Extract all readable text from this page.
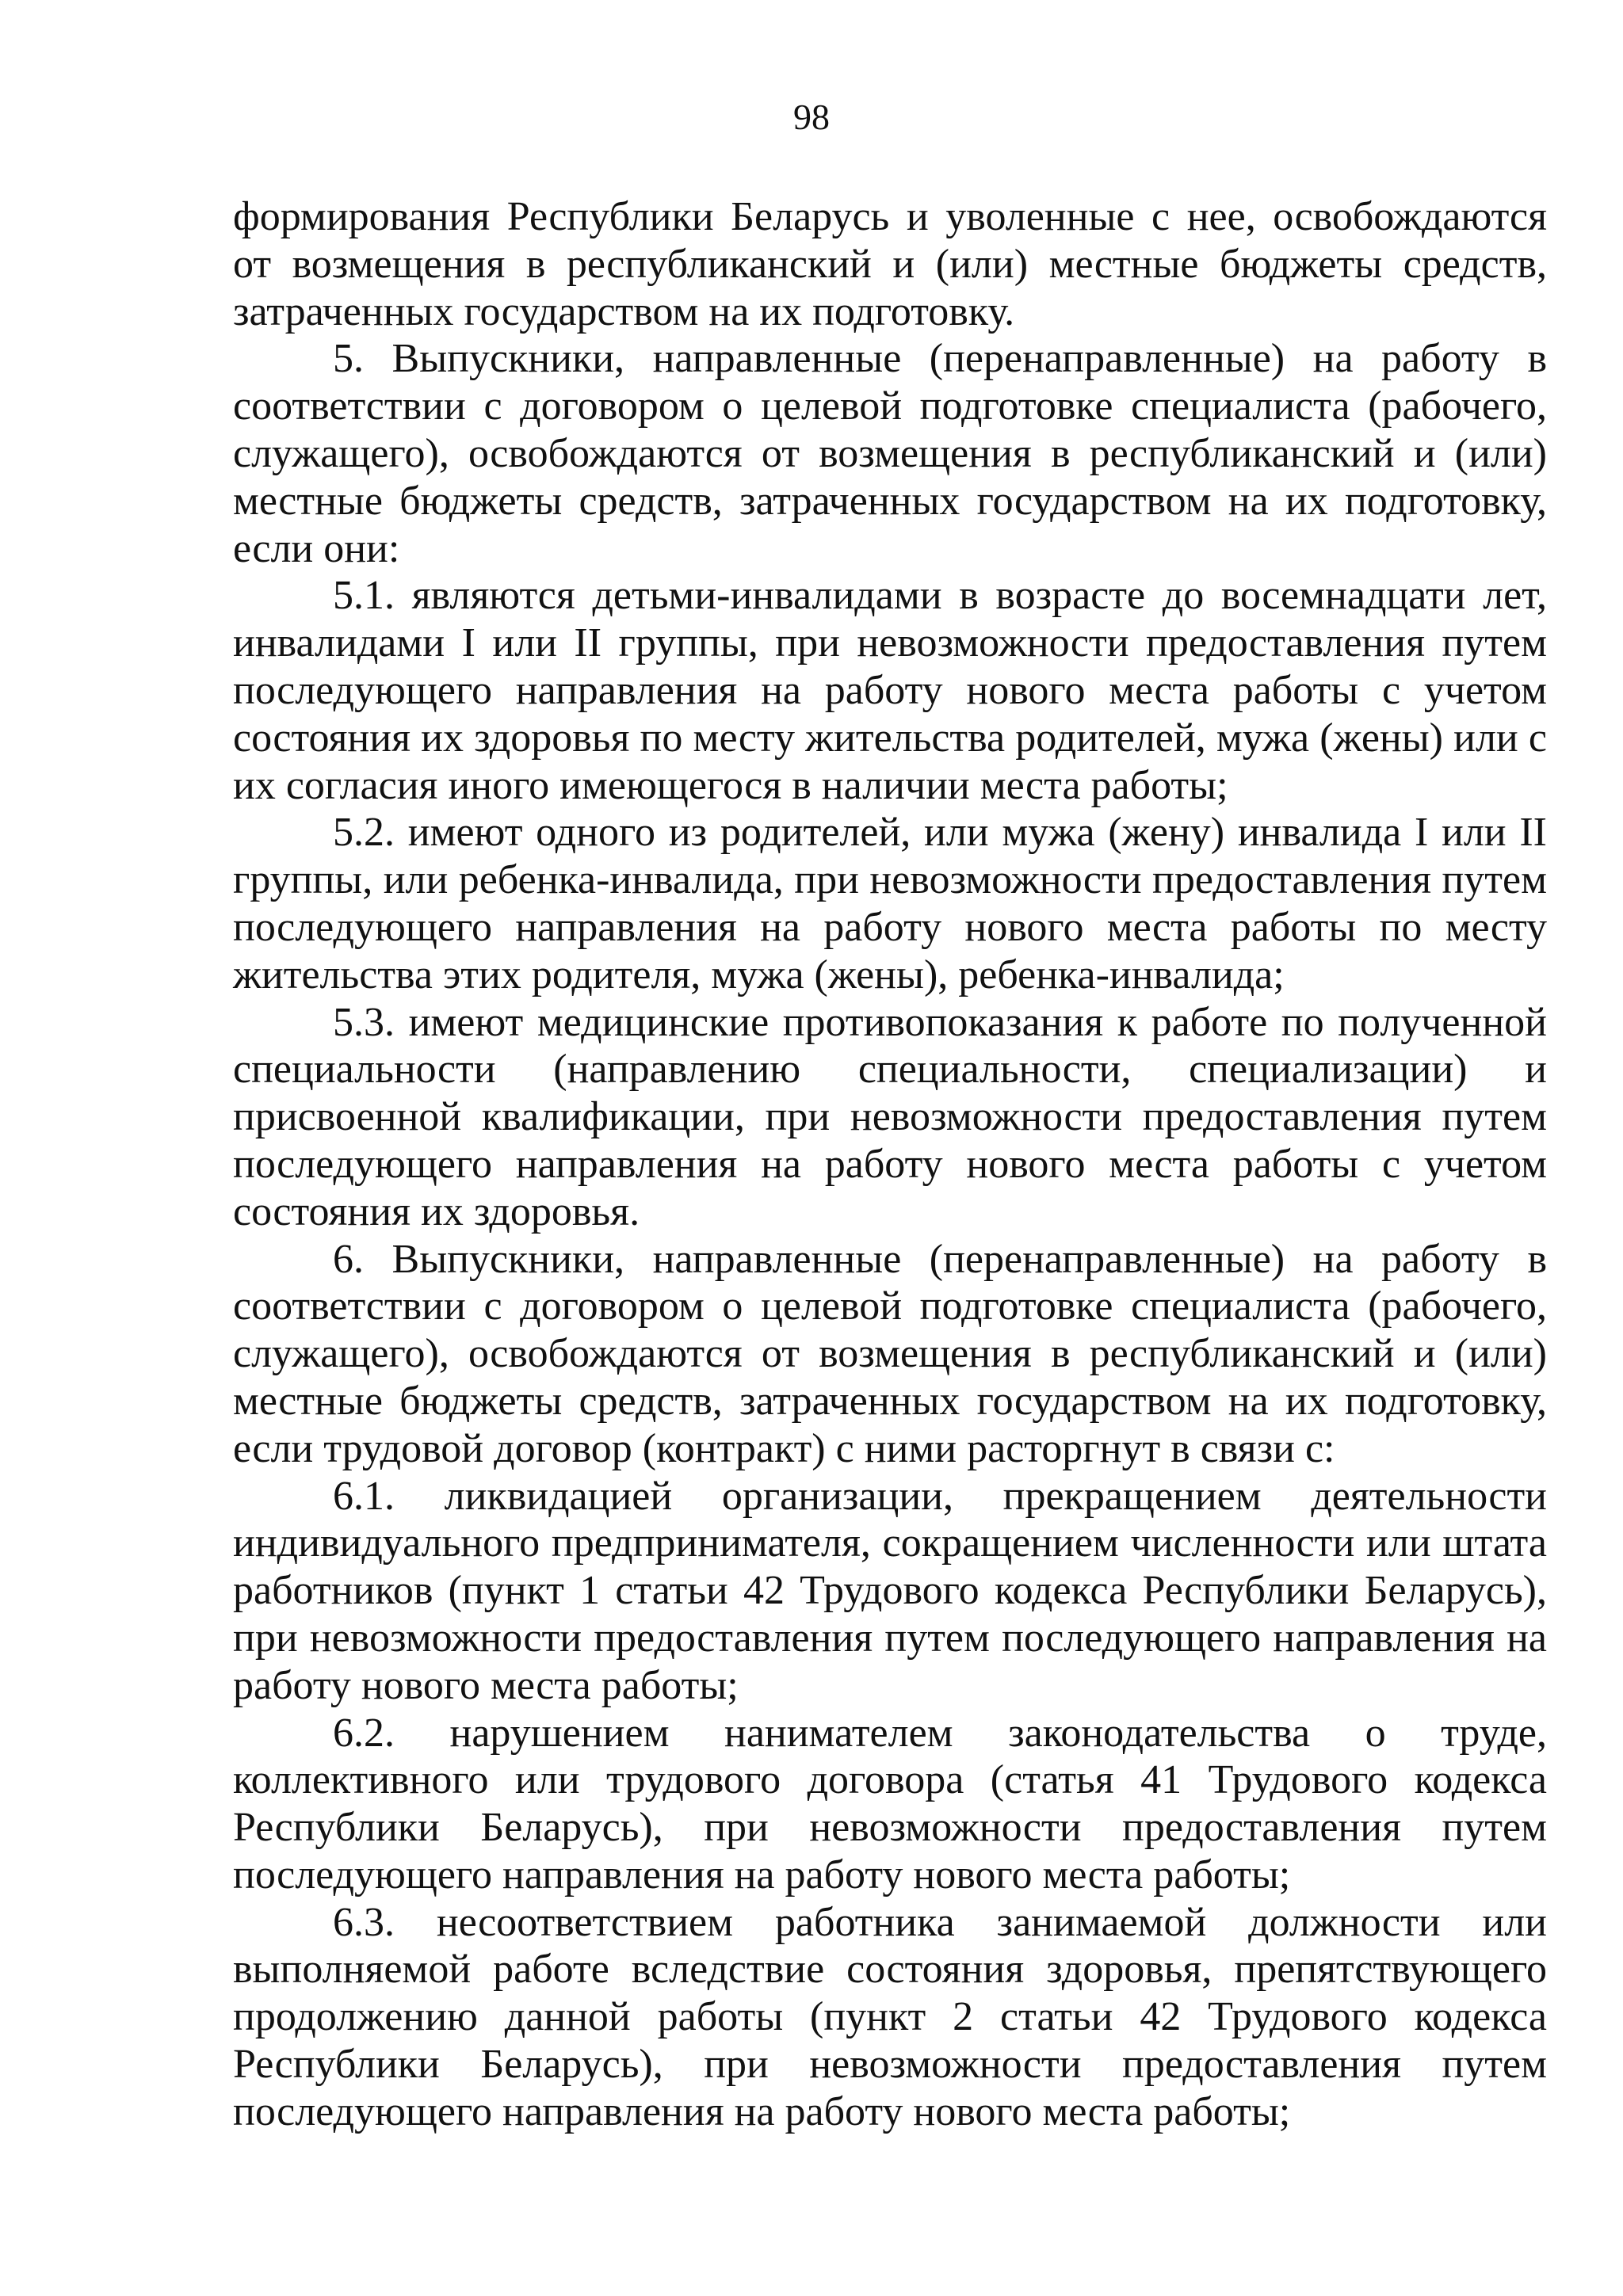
98

формирования Республики Беларусь и уволенные с нее, освобождаются от возмещения в республиканский и (или) местные бюджеты средств, затраченных государством на их подготовку.

5. Выпускники, направленные (перенаправленные) на работу в соответствии с договором о целевой подготовке специалиста (рабочего, служащего), освобождаются от возмещения в республиканский и (или) местные бюджеты средств, затраченных государством на их подготовку, если они:

5.1. являются детьми-инвалидами в возрасте до восемнадцати лет, инвалидами I или II группы, при невозможности предоставления путем последующего направления на работу нового места работы с учетом состояния их здоровья по месту жительства родителей, мужа (жены) или с их согласия иного имеющегося в наличии места работы;

5.2. имеют одного из родителей, или мужа (жену) инвалида I или II группы, или ребенка-инвалида, при невозможности предоставления путем последующего направления на работу нового места работы по месту жительства этих родителя, мужа (жены), ребенка-инвалида;

5.3. имеют медицинские противопоказания к работе по полученной специальности (направлению специальности, специализации) и присвоенной квалификации, при невозможности предоставления путем последующего направления на работу нового места работы с учетом состояния их здоровья.

6. Выпускники, направленные (перенаправленные) на работу в соответствии с договором о целевой подготовке специалиста (рабочего, служащего), освобождаются от возмещения в республиканский и (или) местные бюджеты средств, затраченных государством на их подготовку, если трудовой договор (контракт) с ними расторгнут в связи с:

6.1. ликвидацией организации, прекращением деятельности индивидуального предпринимателя, сокращением численности или штата работников (пункт 1 статьи 42 Трудового кодекса Республики Беларусь), при невозможности предоставления путем последующего направления на работу нового места работы;

6.2. нарушением нанимателем законодательства о труде, коллективного или трудового договора (статья 41 Трудового кодекса Республики Беларусь), при невозможности предоставления путем последующего направления на работу нового места работы;

6.3. несоответствием работника занимаемой должности или выполняемой работе вследствие состояния здоровья, препятствующего продолжению данной работы (пункт 2 статьи 42 Трудового кодекса Республики Беларусь), при невозможности предоставления путем последующего направления на работу нового места работы;
